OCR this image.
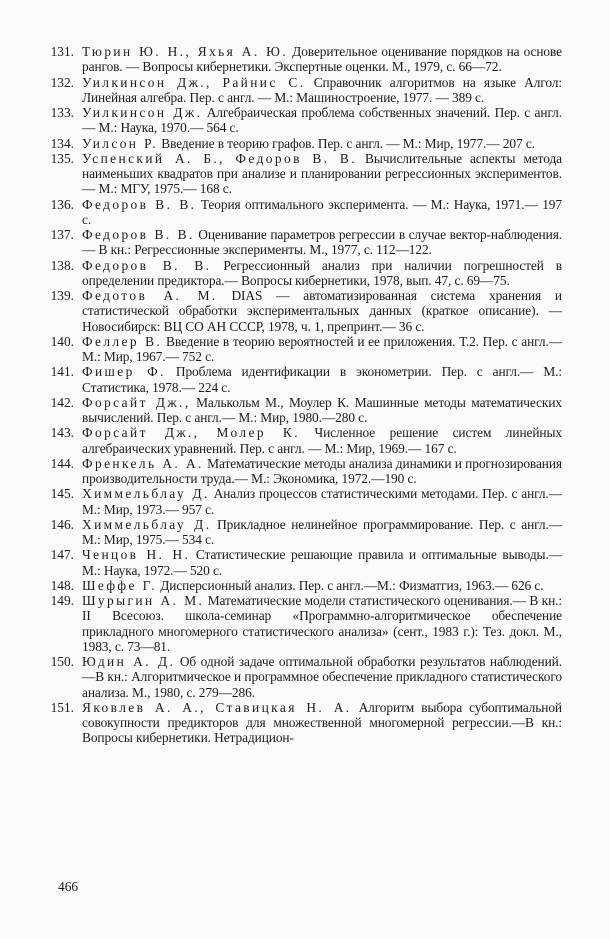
131. Тюрин Ю. Н., Яхья А. Ю. Доверительное оценивание порядков на основе рангов. — Вопросы кибернетики. Экспертные оценки. М., 1979, с. 66—72.
132. Уилкинсон Дж., Райнис С. Справочник алгоритмов на языке Алгол: Линейная алгебра. Пер. с англ. — М.: Машиностроение, 1977. — 389 с.
133. Уилкинсон Дж. Алгебраическая проблема собственных значений. Пер. с англ.— М.: Наука, 1970.— 564 с.
134. Уилсон Р. Введение в теорию графов. Пер. с англ. — М.: Мир, 1977.— 207 с.
135. Успенский А. Б., Федоров В. В. Вычислительные аспекты метода наименьших квадратов при анализе и планировании регрессионных экспериментов.— М.: МГУ, 1975.— 168 с.
136. Федоров В. В. Теория оптимального эксперимента. — М.: Наука, 1971.— 197 с.
137. Федоров В. В. Оценивание параметров регрессии в случае вектор-наблюдения.— В кн.: Регрессионные эксперименты. М., 1977, с. 112—122.
138. Федоров В. В. Регрессионный анализ при наличии погрешностей в определении предиктора.— Вопросы кибернетики, 1978, вып. 47, с. 69—75.
139. Федотов А. М. DIAS — автоматизированная система хранения и статистической обработки экспериментальных данных (краткое описание). — Новосибирск: ВЦ СО АН СССР, 1978, ч. 1, препринт.— 36 с.
140. Феллер В. Введение в теорию вероятностей и ее приложения. Т.2. Пер. с англ.— М.: Мир, 1967.— 752 с.
141. Фишер Ф. Проблема идентификации в эконометрии. Пер. с англ.— М.: Статистика, 1978.— 224 с.
142. Форсайт Дж., Малькольм М., Моулер К. Машинные методы математических вычислений. Пер. с англ.— М.: Мир, 1980.—280 с.
143. Форсайт Дж., Молер К. Численное решение систем линейных алгебраических уравнений. Пер. с англ. — М.: Мир, 1969.— 167 с.
144. Френкель А. А. Математические методы анализа динамики и прогнозирования производительности труда.— М.: Экономика, 1972.—190 с.
145. Химмельблау Д. Анализ процессов статистическими методами. Пер. с англ.— М.: Мир, 1973.— 957 с.
146. Химмельблау Д. Прикладное нелинейное программирование. Пер. с англ.— М.: Мир, 1975.— 534 с.
147. Ченцов Н. Н. Статистические решающие правила и оптимальные выводы.— М.: Наука, 1972.— 520 с.
148. Шеффе Г. Дисперсионный анализ. Пер. с англ.—М.: Физматгиз, 1963.— 626 с.
149. Шурыгин А. М. Математические модели статистического оценивания.— В кн.: II Всесоюз. школа-семинар «Программно-алгоритмическое обеспечение прикладного многомерного статистического анализа» (сент., 1983 г.): Тез. докл. М., 1983, с. 73—81.
150. Юдин А. Д. Об одной задаче оптимальной обработки результатов наблюдений.—В кн.: Алгоритмическое и программное обеспечение прикладного статистического анализа. М., 1980, с. 279—286.
151. Яковлев А. А., Ставицкая Н. А. Алгоритм выбора субоптимальной совокупности предикторов для множественной многомерной регрессии.—В кн.: Вопросы кибернетики. Нетрадицион-
466
